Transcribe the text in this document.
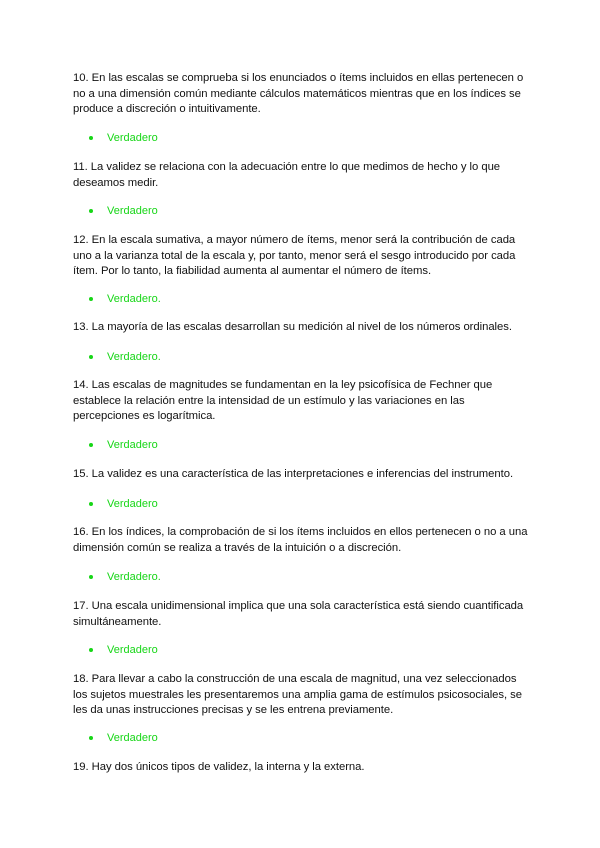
10. En las escalas se comprueba si los enunciados o ítems incluidos en ellas pertenecen o no a una dimensión común mediante cálculos matemáticos mientras que en los índices se produce a discreción o intuitivamente.

Verdadero

11. La validez se relaciona con la adecuación entre lo que medimos de hecho y lo que deseamos medir.

Verdadero

12. En la escala sumativa, a mayor número de ítems, menor será la contribución de cada uno a la varianza total de la escala y, por tanto, menor será el sesgo introducido por cada ítem. Por lo tanto, la fiabilidad aumenta al aumentar el número de ítems.

Verdadero.

13. La mayoría de las escalas desarrollan su medición al nivel de los números ordinales.

Verdadero.

14. Las escalas de magnitudes se fundamentan en la ley psicofísica de Fechner que establece la relación entre la intensidad de un estímulo y las variaciones en las percepciones es logarítmica.

Verdadero

15. La validez es una característica de las interpretaciones e inferencias del instrumento.

Verdadero

16. En los índices, la comprobación de si los ítems incluidos en ellos pertenecen o no a una dimensión común se realiza a través de la intuición o a discreción.

Verdadero.

17. Una escala unidimensional implica que una sola característica está siendo cuantificada simultáneamente.

Verdadero

18. Para llevar a cabo la construcción de una escala de magnitud, una vez seleccionados los sujetos muestrales les presentaremos una amplia gama de estímulos psicosociales, se les da unas instrucciones precisas y se les entrena previamente.

Verdadero

19. Hay dos únicos tipos de validez, la interna y la externa.
